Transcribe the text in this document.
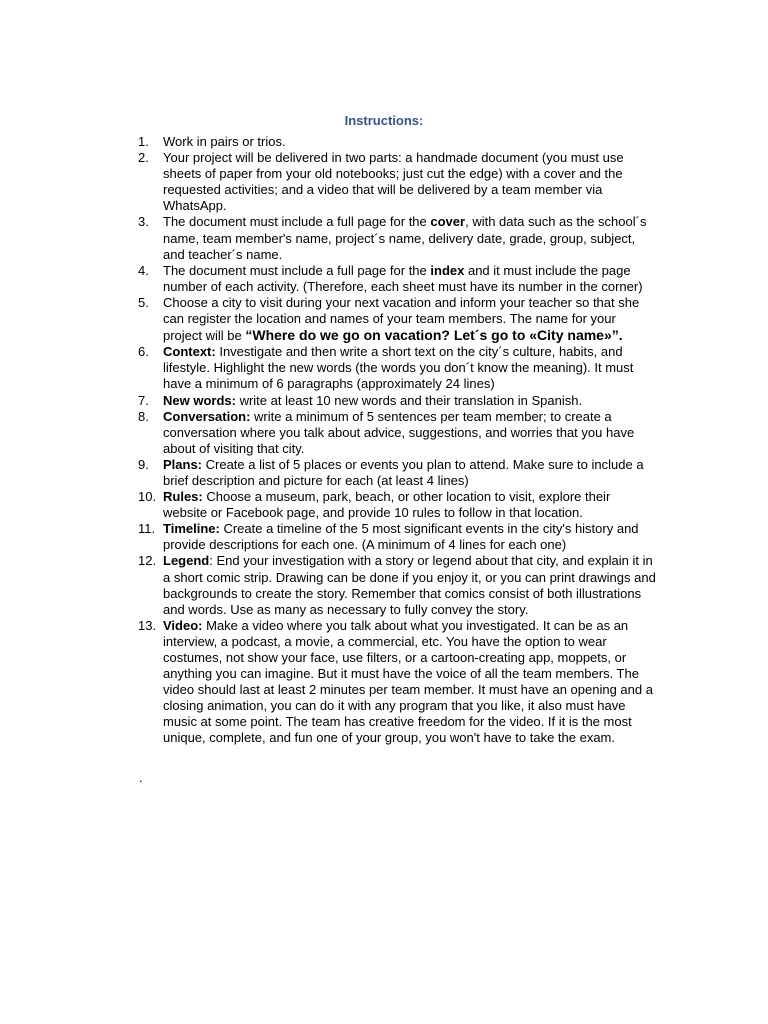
Instructions:
1.	Work in pairs or trios.
2.	Your project will be delivered in two parts: a handmade document (you must use
sheets of paper from your old notebooks; just cut the edge) with a cover and the
requested activities; and a video that will be delivered by a team member via
WhatsApp.
3.	The document must include a full page for the cover, with data such as the school´s
name, team member's name, project´s name, delivery date, grade, group, subject,
and teacher´s name.
4.	The document must include a full page for the index and it must include the page
number of each activity. (Therefore, each sheet must have its number in the corner)
5.	Choose a city to visit during your next vacation and inform your teacher so that she
can register the location and names of your team members. The name for your
project will be “Where do we go on vacation? Let´s go to «City name»”.
6.	Context: Investigate and then write a short text on the city´s culture, habits, and
lifestyle. Highlight the new words (the words you don´t know the meaning). It must
have a minimum of 6 paragraphs (approximately 24 lines)
7.	New words: write at least 10 new words and their translation in Spanish.
8.	Conversation: write a minimum of 5 sentences per team member; to create a
conversation where you talk about advice, suggestions, and worries that you have
about of visiting that city.
9.	Plans: Create a list of 5 places or events you plan to attend. Make sure to include a
brief description and picture for each (at least 4 lines)
10. Rules: Choose a museum, park, beach, or other location to visit, explore their
website or Facebook page, and provide 10 rules to follow in that location.
11. Timeline: Create a timeline of the 5 most significant events in the city's history and
provide descriptions for each one. (A minimum of 4 lines for each one)
12. Legend: End your investigation with a story or legend about that city, and explain it in
a short comic strip. Drawing can be done if you enjoy it, or you can print drawings and
backgrounds to create the story. Remember that comics consist of both illustrations
and words. Use as many as necessary to fully convey the story.
13. Video: Make a video where you talk about what you investigated. It can be as an
interview, a podcast, a movie, a commercial, etc. You have the option to wear
costumes, not show your face, use filters, or a cartoon-creating app, moppets, or
anything you can imagine. But it must have the voice of all the team members. The
video should last at least 2 minutes per team member. It must have an opening and a
closing animation, you can do it with any program that you like, it also must have
music at some point. The team has creative freedom for the video. If it is the most
unique, complete, and fun one of your group, you won't have to take the exam.
.
